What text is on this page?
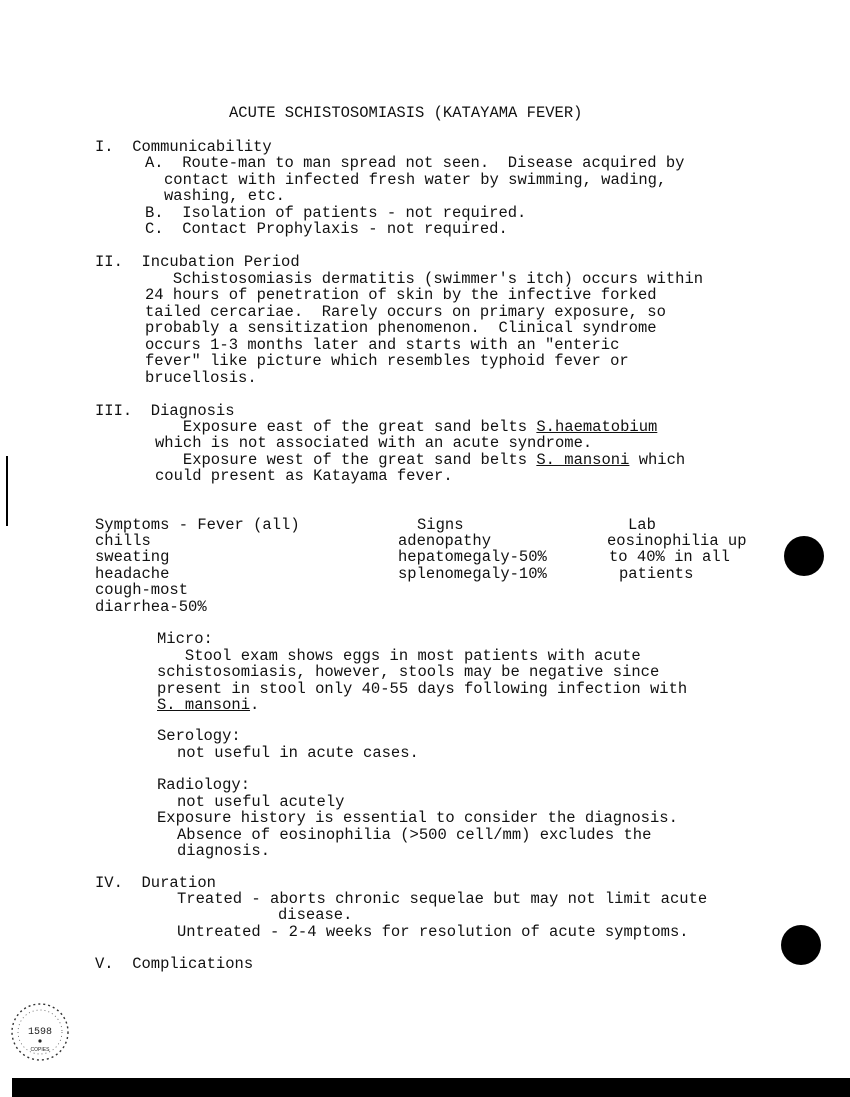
ACUTE SCHISTOSOMIASIS (KATAYAMA FEVER)
I.  Communicability
A.  Route-man to man spread not seen.  Disease acquired by
contact with infected fresh water by swimming, wading,
washing, etc.
B.  Isolation of patients - not required.
C.  Contact Prophylaxis - not required.
II.  Incubation Period
Schistosomiasis dermatitis (swimmer's itch) occurs within
24 hours of penetration of skin by the infective forked
tailed cercariae.  Rarely occurs on primary exposure, so
probably a sensitization phenomenon.  Clinical syndrome
occurs 1-3 months later and starts with an "enteric
fever" like picture which resembles typhoid fever or
brucellosis.
III.  Diagnosis
Exposure east of the great sand belts S.haematobium
which is not associated with an acute syndrome.
Exposure west of the great sand belts S. mansoni which
could present as Katayama fever.
Symptoms - Fever (all)
chills
sweating
headache
cough-most
diarrhea-50%
Signs
adenopathy
hepatomegaly-50%
splenomegaly-10%
Lab
eosinophilia up
to 40% in all
patients
Micro:
Stool exam shows eggs in most patients with acute
schistosomiasis, however, stools may be negative since
present in stool only 40-55 days following infection with
S. mansoni.
Serology:
not useful in acute cases.
Radiology:
not useful acutely
Exposure history is essential to consider the diagnosis.
Absence of eosinophilia (>500 cell/mm) excludes the
diagnosis.
IV.  Duration
Treated - aborts chronic sequelae but may not limit acute
disease.
Untreated - 2-4 weeks for resolution of acute symptoms.
V.  Complications
1598
COPIES
